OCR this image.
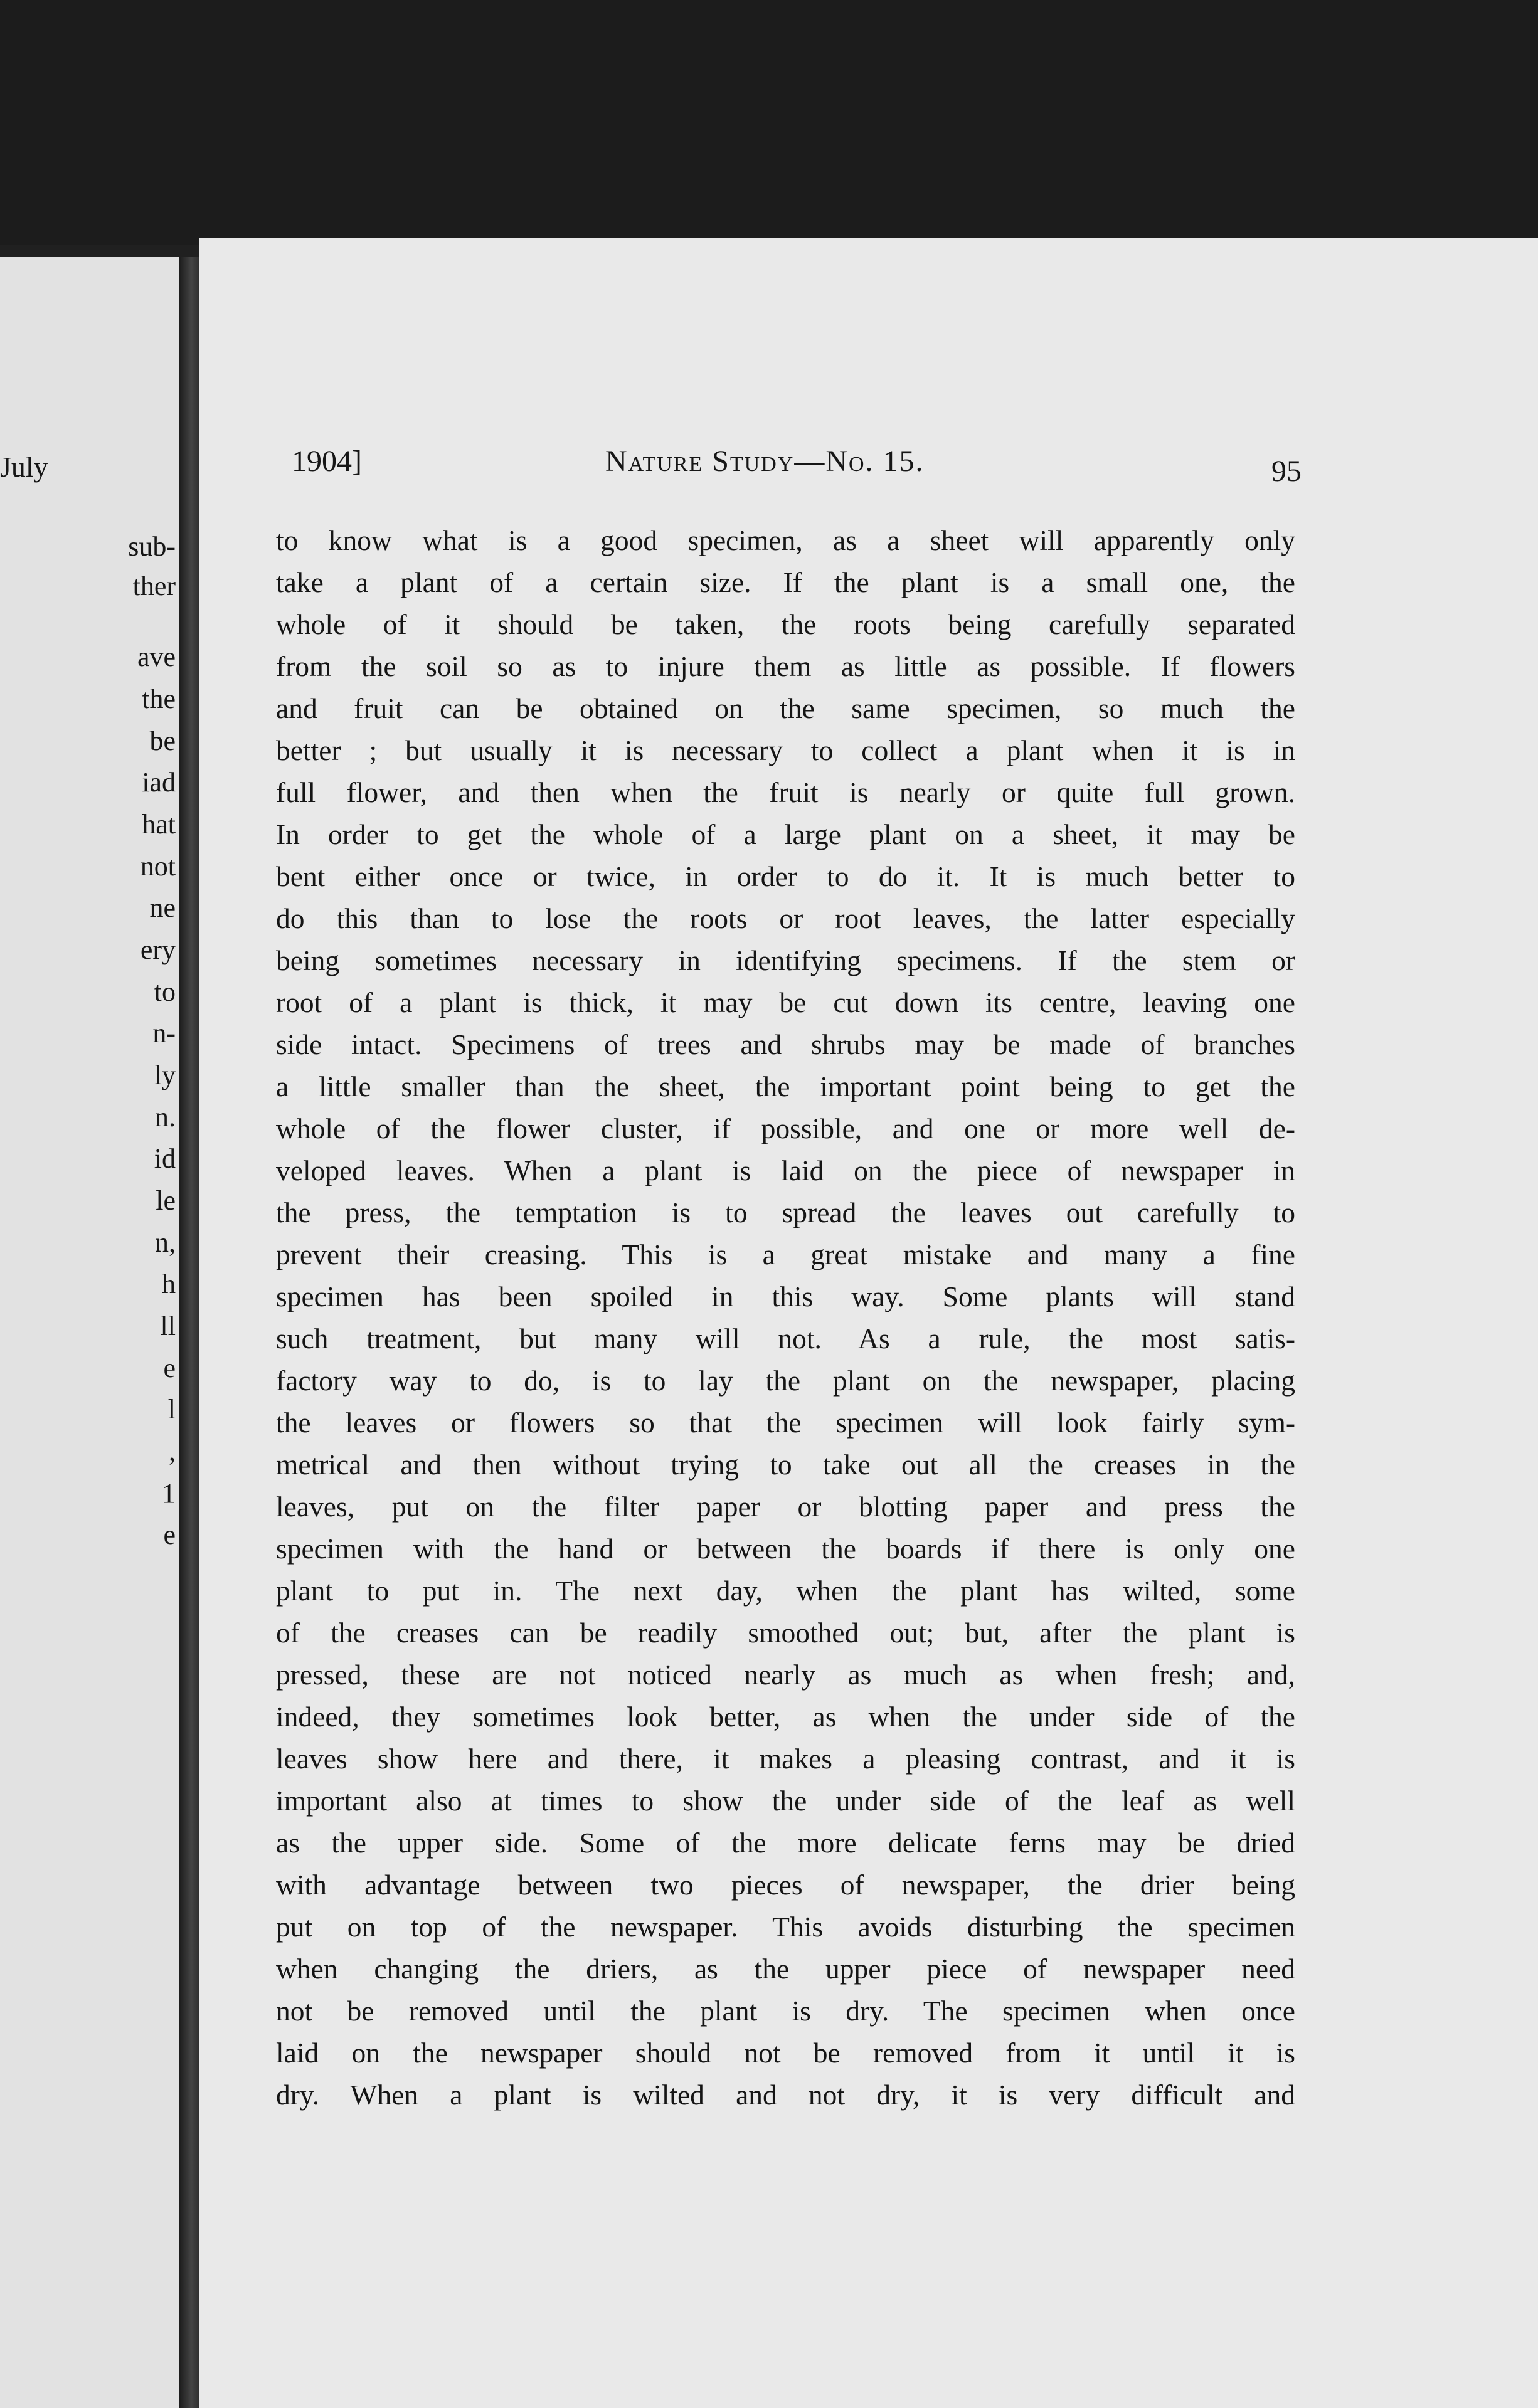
July
sub-
ther
ave
the
be
iad
hat
not
ne
ery
to
n-
ly
n.
id
le
n,
h
ll
e
l
,
1
e
1904]	Nature Study—No. 15.	95
to know what is a good specimen, as a sheet will apparently only
take a plant of a certain size. If the plant is a small one, the
whole of it should be taken, the roots being carefully separated
from the soil so as to injure them as little as possible. If flowers
and fruit can be obtained on the same specimen, so much the
better ; but usually it is necessary to collect a plant when it is in
full flower, and then when the fruit is nearly or quite full grown.
In order to get the whole of a large plant on a sheet, it may be
bent either once or twice, in order to do it. It is much better to
do this than to lose the roots or root leaves, the latter especially
being sometimes necessary in identifying specimens. If the stem or
root of a plant is thick, it may be cut down its centre, leaving one
side intact. Specimens of trees and shrubs may be made of branches
a little smaller than the sheet, the important point being to get the
whole of the flower cluster, if possible, and one or more well de-
veloped leaves. When a plant is laid on the piece of newspaper in
the press, the temptation is to spread the leaves out carefully to
prevent their creasing. This is a great mistake and many a fine
specimen has been spoiled in this way. Some plants will stand
such treatment, but many will not. As a rule, the most satis-
factory way to do, is to lay the plant on the newspaper, placing
the leaves or flowers so that the specimen will look fairly sym-
metrical and then without trying to take out all the creases in the
leaves, put on the filter paper or blotting paper and press the
specimen with the hand or between the boards if there is only one
plant to put in. The next day, when the plant has wilted, some
of the creases can be readily smoothed out; but, after the plant is
pressed, these are not noticed nearly as much as when fresh; and,
indeed, they sometimes look better, as when the under side of the
leaves show here and there, it makes a pleasing contrast, and it is
important also at times to show the under side of the leaf as well
as the upper side. Some of the more delicate ferns may be dried
with advantage between two pieces of newspaper, the drier being
put on top of the newspaper. This avoids disturbing the specimen
when changing the driers, as the upper piece of newspaper need
not be removed until the plant is dry. The specimen when once
laid on the newspaper should not be removed from it until it is
dry. When a plant is wilted and not dry, it is very difficult and
